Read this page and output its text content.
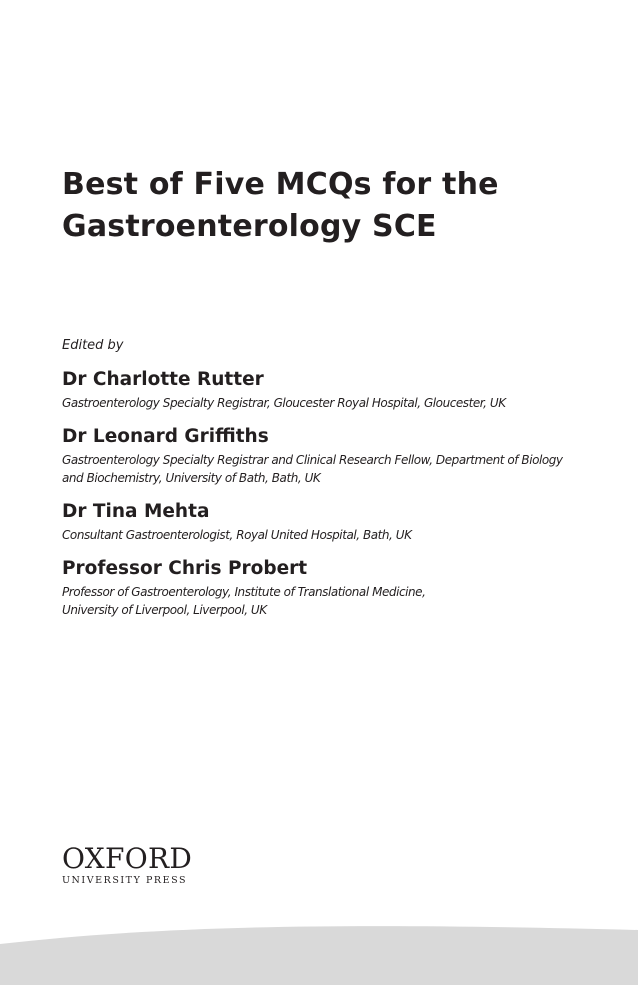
Best of Five MCQs for the
Gastroenterology SCE
Edited by
Dr Charlotte Rutter
Gastroenterology Specialty Registrar, Gloucester Royal Hospital, Gloucester, UK
Dr Leonard Griffiths
Gastroenterology Specialty Registrar and Clinical Research Fellow, Department of Biology
and Biochemistry, University of Bath, Bath, UK
Dr Tina Mehta
Consultant Gastroenterologist, Royal United Hospital, Bath, UK
Professor Chris Probert
Professor of Gastroenterology, Institute of Translational Medicine,
University of Liverpool, Liverpool, UK
OXFORD
UNIVERSITY PRESS
